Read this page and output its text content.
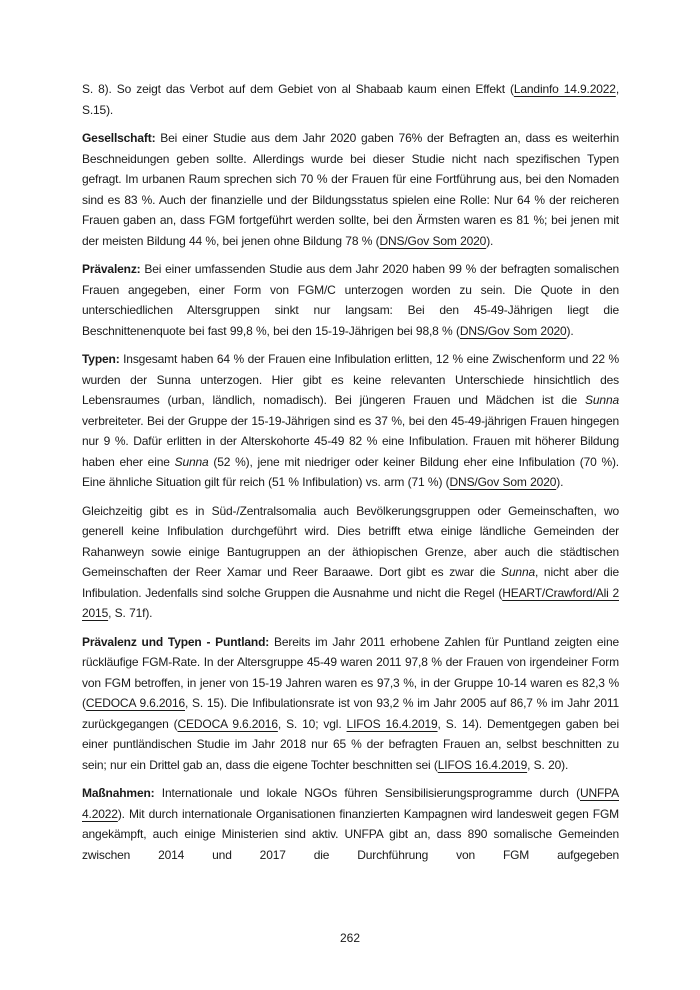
S. 8). So zeigt das Verbot auf dem Gebiet von al Shabaab kaum einen Effekt (Landinfo 14.9.2022, S.15).

Gesellschaft: Bei einer Studie aus dem Jahr 2020 gaben 76% der Befragten an, dass es weiterhin Beschneidungen geben sollte. Allerdings wurde bei dieser Studie nicht nach spezifischen Typen gefragt. Im urbanen Raum sprechen sich 70 % der Frauen für eine Fortführung aus, bei den Nomaden sind es 83 %. Auch der finanzielle und der Bildungsstatus spielen eine Rolle: Nur 64 % der reicheren Frauen gaben an, dass FGM fortgeführt werden sollte, bei den Ärmsten waren es 81 %; bei jenen mit der meisten Bildung 44 %, bei jenen ohne Bildung 78 % (DNS/Gov Som 2020).

Prävalenz: Bei einer umfassenden Studie aus dem Jahr 2020 haben 99 % der befragten somalischen Frauen angegeben, einer Form von FGM/C unterzogen worden zu sein. Die Quote in den unterschiedlichen Altersgruppen sinkt nur langsam: Bei den 45-49-Jährigen liegt die Beschnittenenquote bei fast 99,8 %, bei den 15-19-Jährigen bei 98,8 % (DNS/Gov Som 2020).

Typen: Insgesamt haben 64 % der Frauen eine Infibulation erlitten, 12 % eine Zwischenform und 22 % wurden der Sunna unterzogen. Hier gibt es keine relevanten Unterschiede hinsichtlich des Lebensraumes (urban, ländlich, nomadisch). Bei jüngeren Frauen und Mädchen ist die Sunna verbreiteter. Bei der Gruppe der 15-19-Jährigen sind es 37 %, bei den 45-49-jährigen Frauen hingegen nur 9 %. Dafür erlitten in der Alterskohorte 45-49 82 % eine Infibulation. Frauen mit höherer Bildung haben eher eine Sunna (52 %), jene mit niedriger oder keiner Bildung eher eine Infibulation (70 %). Eine ähnliche Situation gilt für reich (51 % Infibulation) vs. arm (71 %) (DNS/Gov Som 2020).

Gleichzeitig gibt es in Süd-/Zentralsomalia auch Bevölkerungsgruppen oder Gemeinschaften, wo generell keine Infibulation durchgeführt wird. Dies betrifft etwa einige ländliche Gemeinden der Rahanweyn sowie einige Bantugruppen an der äthiopischen Grenze, aber auch die städtischen Gemeinschaften der Reer Xamar und Reer Baraawe. Dort gibt es zwar die Sunna, nicht aber die Infibulation. Jedenfalls sind solche Gruppen die Ausnahme und nicht die Regel (HEART/Crawford/Ali 2 2015, S. 71f).

Prävalenz und Typen - Puntland: Bereits im Jahr 2011 erhobene Zahlen für Puntland zeigten eine rückläufige FGM-Rate. In der Altersgruppe 45-49 waren 2011 97,8 % der Frauen von irgendeiner Form von FGM betroffen, in jener von 15-19 Jahren waren es 97,3 %, in der Gruppe 10-14 waren es 82,3 % (CEDOCA 9.6.2016, S. 15). Die Infibulationsrate ist von 93,2 % im Jahr 2005 auf 86,7 % im Jahr 2011 zurückgegangen (CEDOCA 9.6.2016, S. 10; vgl. LIFOS 16.4.2019, S. 14). Dementgegen gaben bei einer puntländischen Studie im Jahr 2018 nur 65 % der befragten Frauen an, selbst beschnitten zu sein; nur ein Drittel gab an, dass die eigene Tochter beschnitten sei (LIFOS 16.4.2019, S. 20).

Maßnahmen: Internationale und lokale NGOs führen Sensibilisierungsprogramme durch (UNFPA 4.2022). Mit durch internationale Organisationen finanzierten Kampagnen wird landesweit gegen FGM angekämpft, auch einige Ministerien sind aktiv. UNFPA gibt an, dass 890 somalische Gemeinden zwischen 2014 und 2017 die Durchführung von FGM aufgegeben

262
